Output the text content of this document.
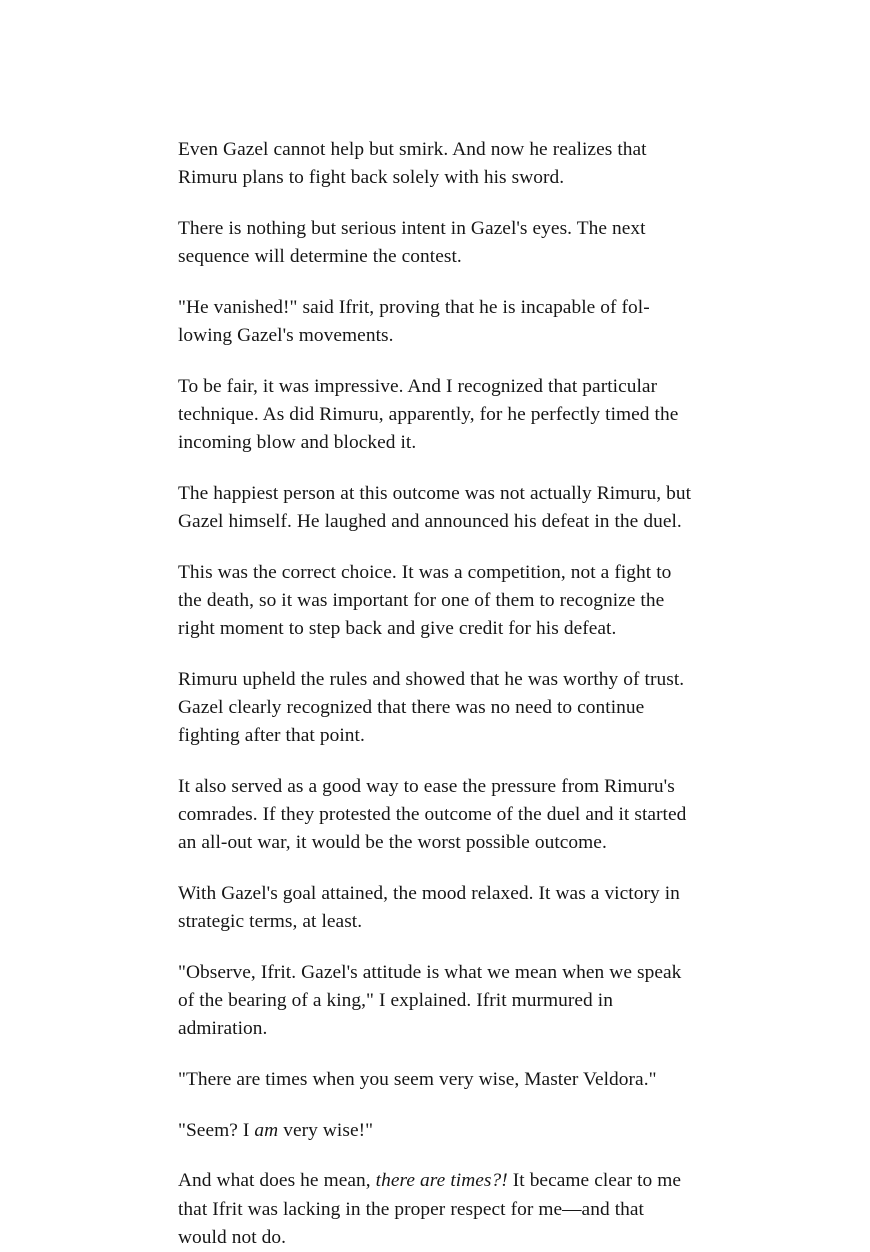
Even Gazel cannot help but smirk. And now he realizes that Rimuru plans to fight back solely with his sword.

There is nothing but serious intent in Gazel's eyes. The next sequence will determine the contest.

"He vanished!" said Ifrit, proving that he is incapable of fol-lowing Gazel's movements.

To be fair, it was impressive. And I recognized that particular technique. As did Rimuru, apparently, for he perfectly timed the incoming blow and blocked it.

The happiest person at this outcome was not actually Rimuru, but Gazel himself. He laughed and announced his defeat in the duel.

This was the correct choice. It was a competition, not a fight to the death, so it was important for one of them to recognize the right moment to step back and give credit for his defeat.

Rimuru upheld the rules and showed that he was worthy of trust. Gazel clearly recognized that there was no need to continue fighting after that point.

It also served as a good way to ease the pressure from Rimuru's comrades. If they protested the outcome of the duel and it started an all-out war, it would be the worst possible outcome.

With Gazel's goal attained, the mood relaxed. It was a victory in strategic terms, at least.

"Observe, Ifrit. Gazel's attitude is what we mean when we speak of the bearing of a king," I explained. Ifrit murmured in admiration.

"There are times when you seem very wise, Master Veldora."

"Seem? I am very wise!"

And what does he mean, there are times?! It became clear to me that Ifrit was lacking in the proper respect for me—and that would not do.
